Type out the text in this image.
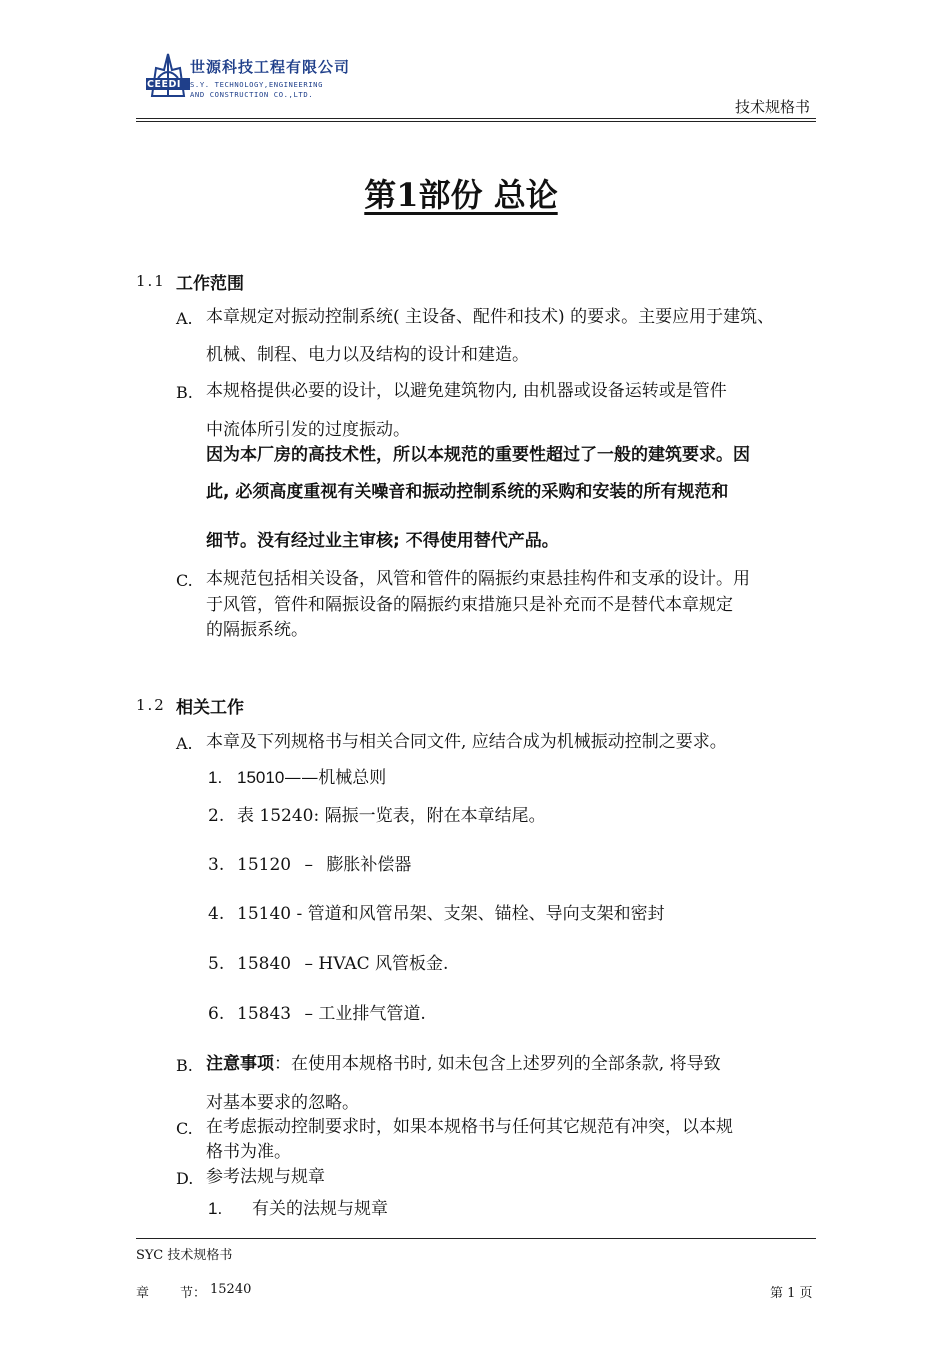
CEEDI
世源科技工程有限公司
S.Y. TECHNOLOGY,ENGINEERING
AND CONSTRUCTION CO.,LTD.
技术规格书
第1部份 总论
1.1 工作范围
A. 本章规定对振动控制系统( 主设备、配件和技术) 的要求。主要应用于建筑、
机械、制程、电力以及结构的设计和建造。
B. 本规格提供必要的设计，以避免建筑物内, 由机器或设备运转或是管件
中流体所引发的过度振动。
因为本厂房的高技术性，所以本规范的重要性超过了一般的建筑要求。因
此, 必须高度重视有关噪音和振动控制系统的采购和安装的所有规范和
细节。没有经过业主审核; 不得使用替代产品。
C. 本规范包括相关设备，风管和管件的隔振约束悬挂构件和支承的设计。用
于风管，管件和隔振设备的隔振约束措施只是补充而不是替代本章规定
的隔振系统。
1.2 相关工作
A. 本章及下列规格书与相关合同文件, 应结合成为机械振动控制之要求。
1. 15010——机械总则
2. 表 15240: 隔振一览表，附在本章结尾。
3. 15120 – 膨胀补偿器
4. 15140 - 管道和风管吊架、支架、锚栓、导向支架和密封
5. 15840 – HVAC 风管板金.
6. 15843 – 工业排气管道.
B. 注意事项：在使用本规格书时, 如未包含上述罗列的全部条款, 将导致
对基本要求的忽略。
C. 在考虑振动控制要求时，如果本规格书与任何其它规范有冲突，以本规
格书为准。
D. 参考法规与规章
1. 有关的法规与规章
SYC 技术规格书
章 节： 15240	第 1 页
